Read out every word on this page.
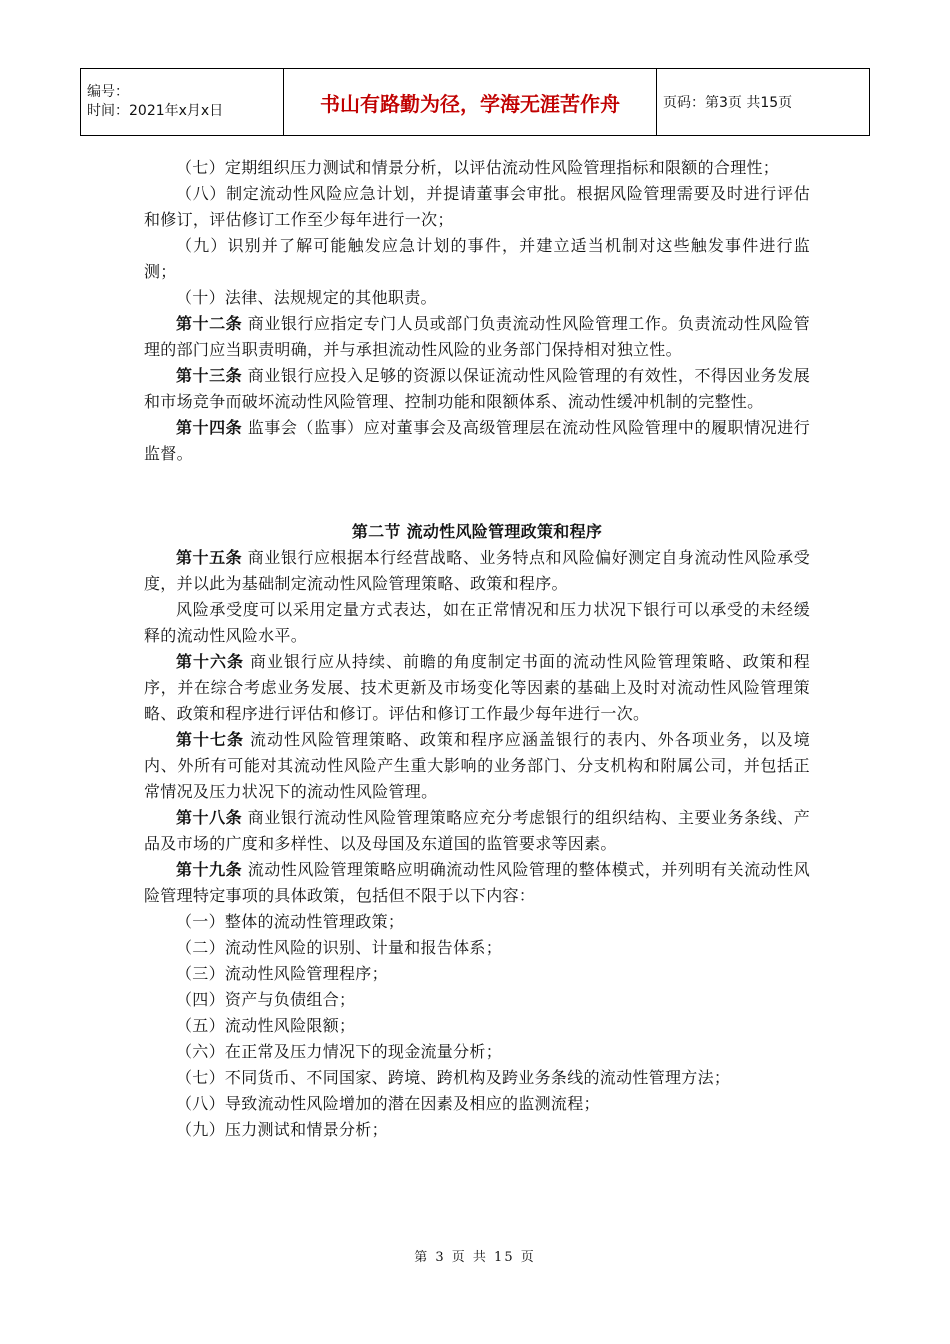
编号：
时间：2021年x月x日	书山有路勤为径，学海无涯苦作舟	页码：第3页 共15页

（七）定期组织压力测试和情景分析，以评估流动性风险管理指标和限额的合理性；

（八）制定流动性风险应急计划，并提请董事会审批。根据风险管理需要及时进行评估和修订，评估修订工作至少每年进行一次；

（九）识别并了解可能触发应急计划的事件，并建立适当机制对这些触发事件进行监测；

（十）法律、法规规定的其他职责。

第十二条 商业银行应指定专门人员或部门负责流动性风险管理工作。负责流动性风险管理的部门应当职责明确，并与承担流动性风险的业务部门保持相对独立性。

第十三条 商业银行应投入足够的资源以保证流动性风险管理的有效性，不得因业务发展和市场竞争而破坏流动性风险管理、控制功能和限额体系、流动性缓冲机制的完整性。

第十四条 监事会（监事）应对董事会及高级管理层在流动性风险管理中的履职情况进行监督。

第二节 流动性风险管理政策和程序

第十五条 商业银行应根据本行经营战略、业务特点和风险偏好测定自身流动性风险承受度，并以此为基础制定流动性风险管理策略、政策和程序。

风险承受度可以采用定量方式表达，如在正常情况和压力状况下银行可以承受的未经缓释的流动性风险水平。

第十六条 商业银行应从持续、前瞻的角度制定书面的流动性风险管理策略、政策和程序，并在综合考虑业务发展、技术更新及市场变化等因素的基础上及时对流动性风险管理策略、政策和程序进行评估和修订。评估和修订工作最少每年进行一次。

第十七条 流动性风险管理策略、政策和程序应涵盖银行的表内、外各项业务，以及境内、外所有可能对其流动性风险产生重大影响的业务部门、分支机构和附属公司，并包括正常情况及压力状况下的流动性风险管理。

第十八条 商业银行流动性风险管理策略应充分考虑银行的组织结构、主要业务条线、产品及市场的广度和多样性、以及母国及东道国的监管要求等因素。

第十九条 流动性风险管理策略应明确流动性风险管理的整体模式，并列明有关流动性风险管理特定事项的具体政策，包括但不限于以下内容：

（一）整体的流动性管理政策；

（二）流动性风险的识别、计量和报告体系；

（三）流动性风险管理程序；

（四）资产与负债组合；

（五）流动性风险限额；

（六）在正常及压力情况下的现金流量分析；

（七）不同货币、不同国家、跨境、跨机构及跨业务条线的流动性管理方法；

（八）导致流动性风险增加的潜在因素及相应的监测流程；

（九）压力测试和情景分析；

第 3 页 共 15 页
